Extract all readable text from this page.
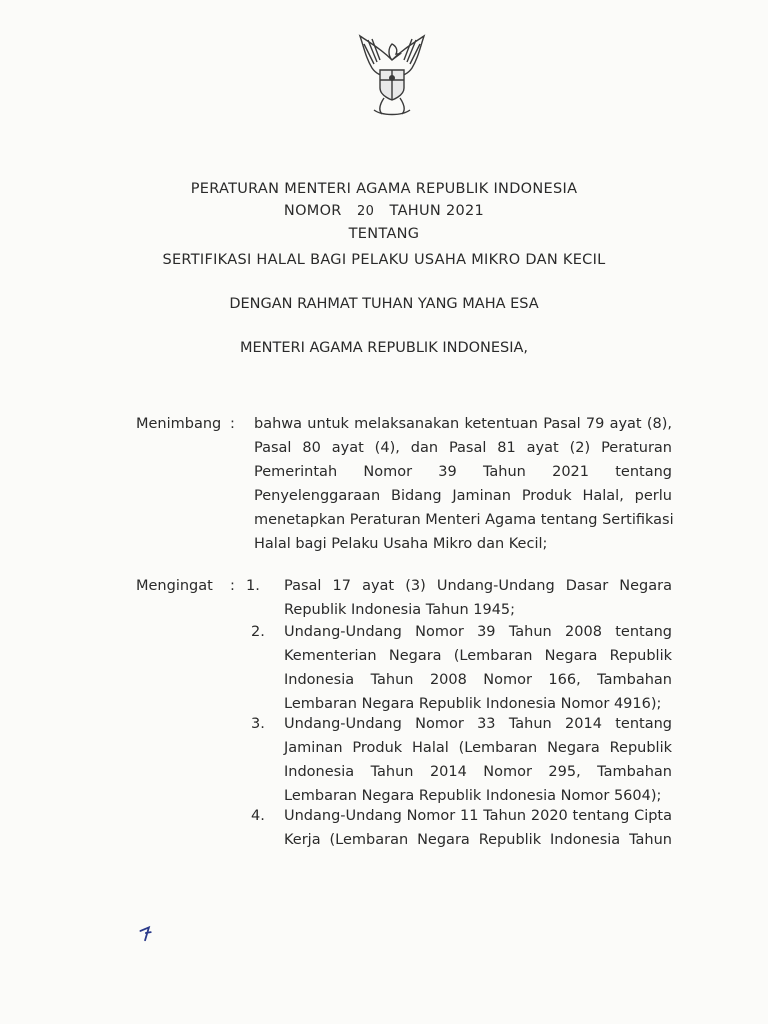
PERATURAN MENTERI AGAMA REPUBLIK INDONESIA
NOMOR 20 TAHUN 2021
TENTANG
SERTIFIKASI HALAL BAGI PELAKU USAHA MIKRO DAN KECIL
DENGAN RAHMAT TUHAN YANG MAHA ESA
MENTERI AGAMA REPUBLIK INDONESIA,
Menimbang : bahwa untuk melaksanakan ketentuan Pasal 79 ayat (8),
Pasal 80 ayat (4), dan Pasal 81 ayat (2) Peraturan
Pemerintah Nomor 39 Tahun 2021 tentang
Penyelenggaraan Bidang Jaminan Produk Halal, perlu
menetapkan Peraturan Menteri Agama tentang Sertifikasi
Halal bagi Pelaku Usaha Mikro dan Kecil;
Mengingat : 1. Pasal 17 ayat (3) Undang-Undang Dasar Negara
Republik Indonesia Tahun 1945;
2. Undang-Undang Nomor 39 Tahun 2008 tentang
Kementerian Negara (Lembaran Negara Republik
Indonesia Tahun 2008 Nomor 166, Tambahan
Lembaran Negara Republik Indonesia Nomor 4916);
3. Undang-Undang Nomor 33 Tahun 2014 tentang
Jaminan Produk Halal (Lembaran Negara Republik
Indonesia Tahun 2014 Nomor 295, Tambahan
Lembaran Negara Republik Indonesia Nomor 5604);
4. Undang-Undang Nomor 11 Tahun 2020 tentang Cipta
Kerja (Lembaran Negara Republik Indonesia Tahun
